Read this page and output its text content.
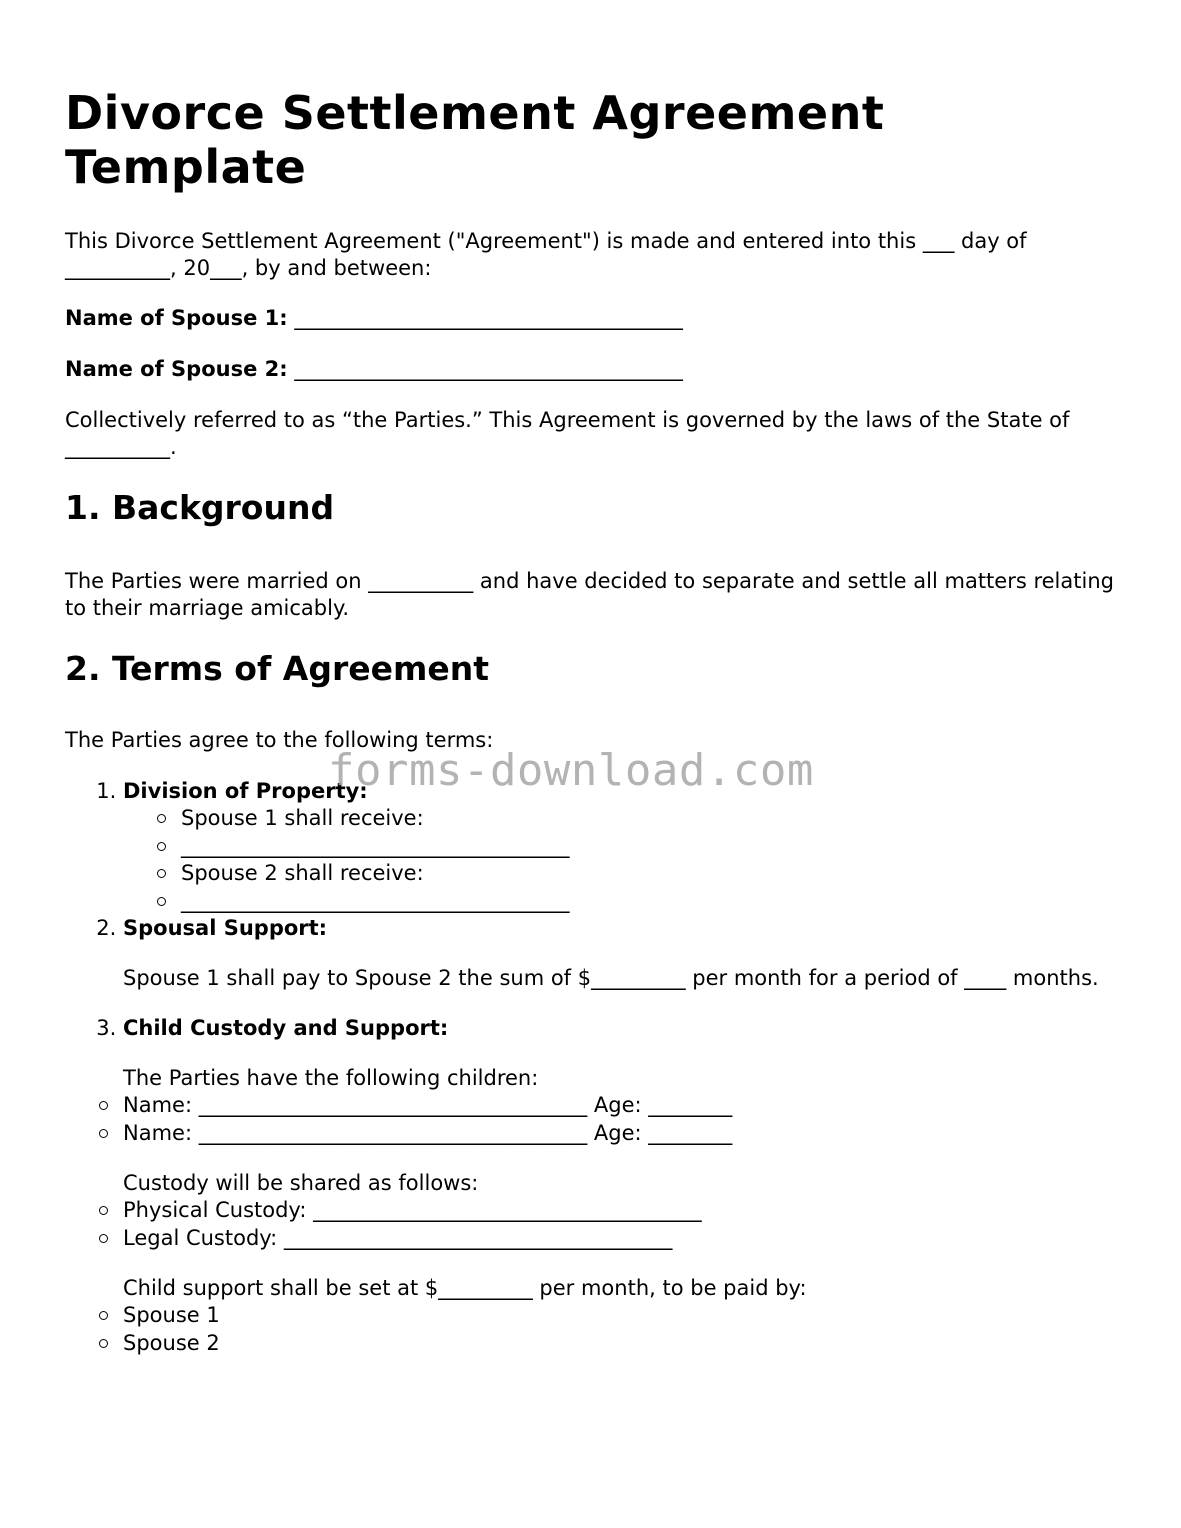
Divorce Settlement Agreement Template

This Divorce Settlement Agreement ("Agreement") is made and entered into this ___ day of __________, 20___, by and between:

Name of Spouse 1: _____________________________________

Name of Spouse 2: _____________________________________

Collectively referred to as “the Parties.” This Agreement is governed by the laws of the State of __________.

1. Background

The Parties were married on __________ and have decided to separate and settle all matters relating to their marriage amicably.

2. Terms of Agreement

The Parties agree to the following terms:

1. Division of Property:
Spouse 1 shall receive:
_____________________________________
Spouse 2 shall receive:
_____________________________________
2. Spousal Support:

Spouse 1 shall pay to Spouse 2 the sum of $_________ per month for a period of ____ months.

3. Child Custody and Support:

The Parties have the following children:

Name: _____________________________________ Age: ________
Name: _____________________________________ Age: ________

Custody will be shared as follows:

Physical Custody: _____________________________________
Legal Custody: _____________________________________

Child support shall be set at $_________ per month, to be paid by:

Spouse 1
Spouse 2
forms-download.com
